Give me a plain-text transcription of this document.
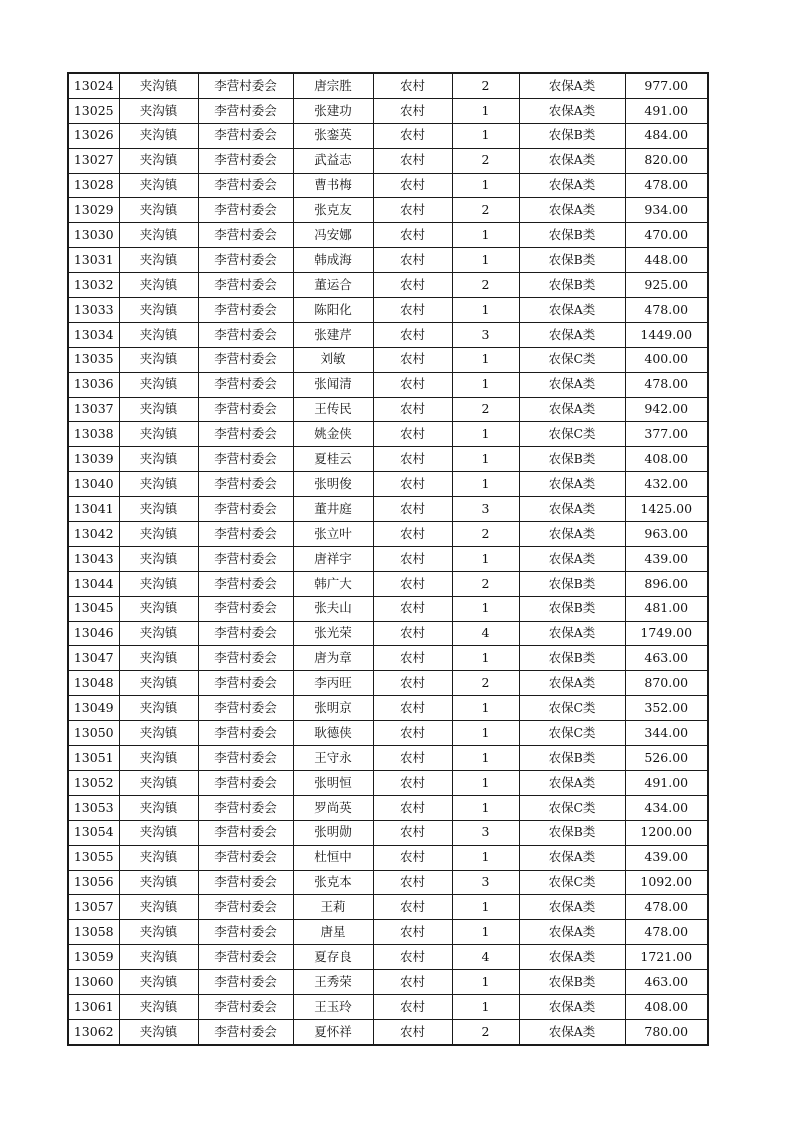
13024	夹沟镇	李营村委会	唐宗胜	农村	2	农保A类	977.00
13025	夹沟镇	李营村委会	张建功	农村	1	农保A类	491.00
13026	夹沟镇	李营村委会	张銮英	农村	1	农保B类	484.00
13027	夹沟镇	李营村委会	武益志	农村	2	农保A类	820.00
13028	夹沟镇	李营村委会	曹书梅	农村	1	农保A类	478.00
13029	夹沟镇	李营村委会	张克友	农村	2	农保A类	934.00
13030	夹沟镇	李营村委会	冯安娜	农村	1	农保B类	470.00
13031	夹沟镇	李营村委会	韩成海	农村	1	农保B类	448.00
13032	夹沟镇	李营村委会	董运合	农村	2	农保B类	925.00
13033	夹沟镇	李营村委会	陈阳化	农村	1	农保A类	478.00
13034	夹沟镇	李营村委会	张建芹	农村	3	农保A类	1449.00
13035	夹沟镇	李营村委会	刘敏	农村	1	农保C类	400.00
13036	夹沟镇	李营村委会	张闻清	农村	1	农保A类	478.00
13037	夹沟镇	李营村委会	王传民	农村	2	农保A类	942.00
13038	夹沟镇	李营村委会	姚金侠	农村	1	农保C类	377.00
13039	夹沟镇	李营村委会	夏桂云	农村	1	农保B类	408.00
13040	夹沟镇	李营村委会	张明俊	农村	1	农保A类	432.00
13041	夹沟镇	李营村委会	董井庭	农村	3	农保A类	1425.00
13042	夹沟镇	李营村委会	张立叶	农村	2	农保A类	963.00
13043	夹沟镇	李营村委会	唐祥宇	农村	1	农保A类	439.00
13044	夹沟镇	李营村委会	韩广大	农村	2	农保B类	896.00
13045	夹沟镇	李营村委会	张夫山	农村	1	农保B类	481.00
13046	夹沟镇	李营村委会	张光荣	农村	4	农保A类	1749.00
13047	夹沟镇	李营村委会	唐为章	农村	1	农保B类	463.00
13048	夹沟镇	李营村委会	李丙旺	农村	2	农保A类	870.00
13049	夹沟镇	李营村委会	张明京	农村	1	农保C类	352.00
13050	夹沟镇	李营村委会	耿德侠	农村	1	农保C类	344.00
13051	夹沟镇	李营村委会	王守永	农村	1	农保B类	526.00
13052	夹沟镇	李营村委会	张明恒	农村	1	农保A类	491.00
13053	夹沟镇	李营村委会	罗尚英	农村	1	农保C类	434.00
13054	夹沟镇	李营村委会	张明勋	农村	3	农保B类	1200.00
13055	夹沟镇	李营村委会	杜恒中	农村	1	农保A类	439.00
13056	夹沟镇	李营村委会	张克本	农村	3	农保C类	1092.00
13057	夹沟镇	李营村委会	王莉	农村	1	农保A类	478.00
13058	夹沟镇	李营村委会	唐星	农村	1	农保A类	478.00
13059	夹沟镇	李营村委会	夏存良	农村	4	农保A类	1721.00
13060	夹沟镇	李营村委会	王秀荣	农村	1	农保B类	463.00
13061	夹沟镇	李营村委会	王玉玲	农村	1	农保A类	408.00
13062	夹沟镇	李营村委会	夏怀祥	农村	2	农保A类	780.00
